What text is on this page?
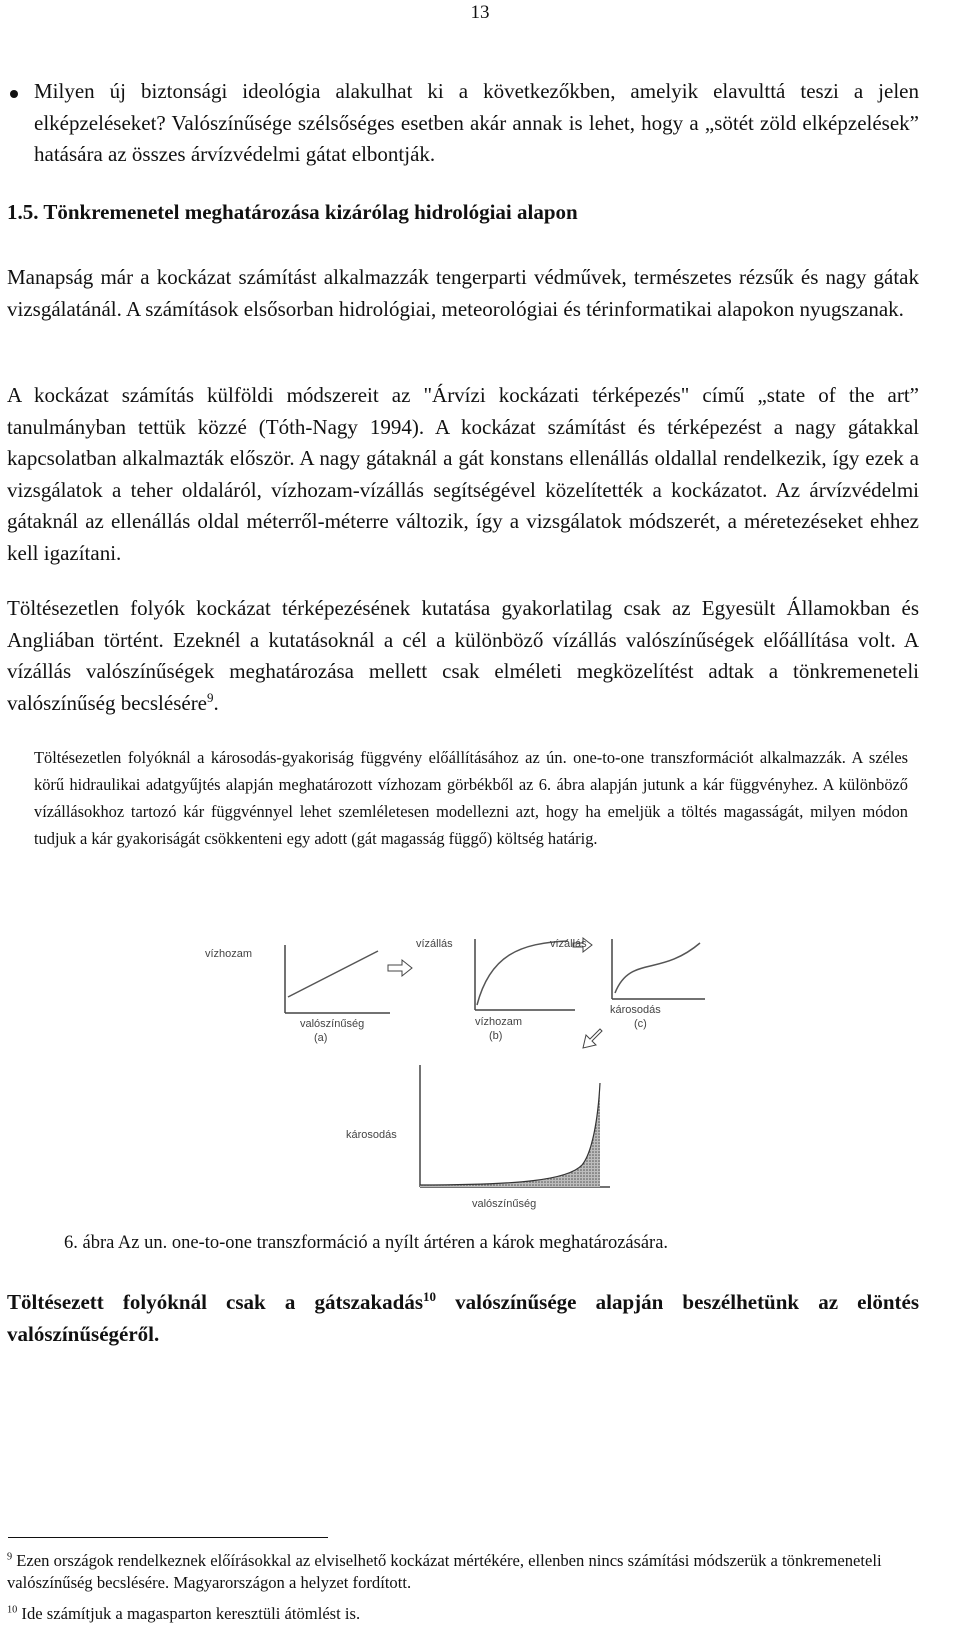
13
Milyen új biztonsági ideológia alakulhat ki a következőkben, amelyik elavulttá teszi a jelen elképzeléseket? Valószínűsége szélsőséges esetben akár annak is lehet, hogy a „sötét zöld elképzelések” hatására az összes árvízvédelmi gátat elbontják.
1.5. Tönkremenetel meghatározása kizárólag hidrológiai alapon
Manapság már a kockázat számítást alkalmazzák tengerparti védművek, természetes rézsűk és nagy gátak vizsgálatánál. A számítások elsősorban hidrológiai, meteorológiai és térinformatikai alapokon nyugszanak.
A kockázat számítás külföldi módszereit az "Árvízi kockázati térképezés" című „state of the art” tanulmányban tettük közzé (Tóth-Nagy 1994). A kockázat számítást és térképezést a nagy gátakkal kapcsolatban alkalmazták először. A nagy gátaknál a gát konstans ellenállás oldallal rendelkezik, így ezek a vizsgálatok a teher oldaláról, vízhozam-vízállás segítségével közelítették a kockázatot. Az árvízvédelmi gátaknál az ellenállás oldal méterről-méterre változik, így a vizsgálatok módszerét, a méretezéseket ehhez kell igazítani.
Töltésezetlen folyók kockázat térképezésének kutatása gyakorlatilag csak az Egyesült Államokban és Angliában történt. Ezeknél a kutatásoknál a cél a különböző vízállás valószínűségek előállítása volt. A vízállás valószínűségek meghatározása mellett csak elméleti megközelítést adtak a tönkremeneteli valószínűség becslésére$^9$.
Töltésezetlen folyóknál a károsodás-gyakoriság függvény előállításához az ún. one-to-one transzformációt alkalmazzák. A széles körű hidraulikai adatgyűjtés alapján meghatározott vízhozam görbékből az 6. ábra alapján jutunk a kár függvényhez. A különböző vízállásokhoz tartozó kár függvénnyel lehet szemléletesen modellezni azt, hogy ha emeljük a töltés magasságát, milyen módon tudjuk a kár gyakoriságát csökkenteni egy adott (gát magasság függő) költség határig.
vízhozam
valószínűség
(a)
vízállás
vízhozam
(b)
vízállás
károsodás
(c)
károsodás
valószínűség
6. ábra Az un. one-to-one transzformáció a nyílt ártéren a károk meghatározására.
Töltésezett folyóknál csak a gátszakadás$^{10}$ valószínűsége alapján beszélhetünk az elöntés valószínűségéről.
$^9$ Ezen országok rendelkeznek előírásokkal az elviselhető kockázat mértékére, ellenben nincs számítási módszerük a tönkremeneteli valószínűség becslésére. Magyarországon a helyzet fordított.
$^{10}$ Ide számítjuk a magasparton keresztüli átömlést is.
